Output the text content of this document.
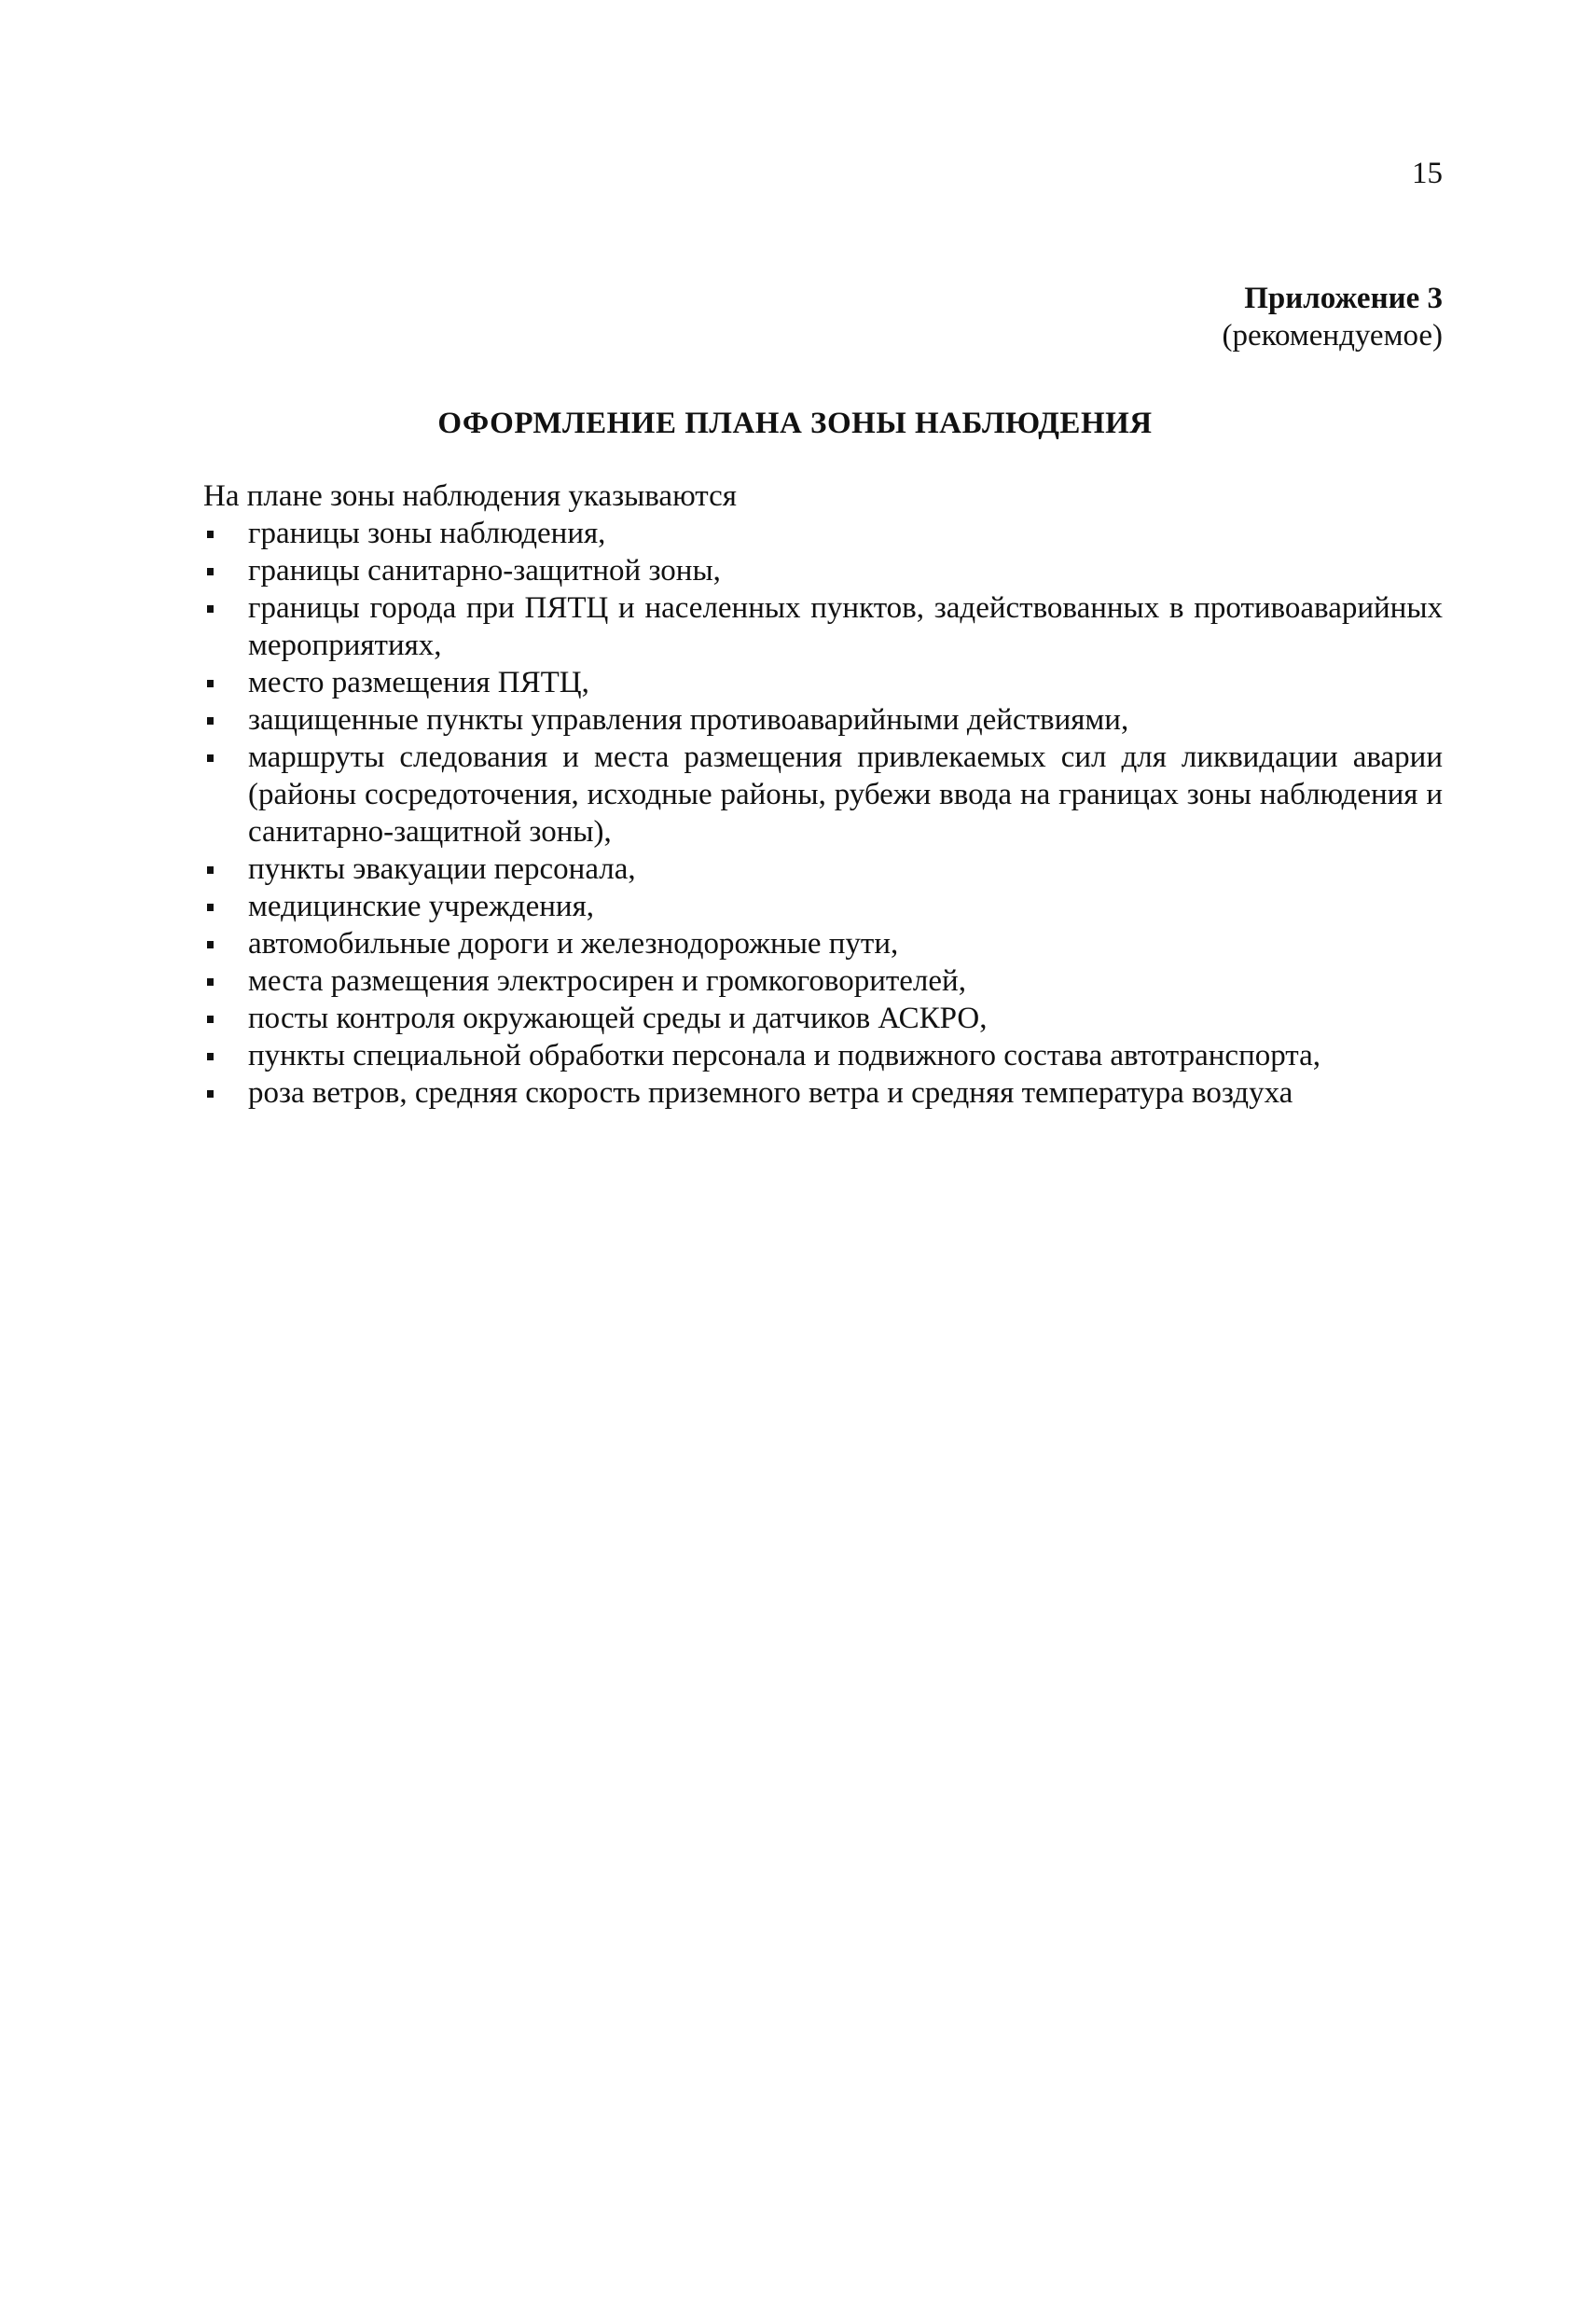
15
Приложение 3
(рекомендуемое)
ОФОРМЛЕНИЕ ПЛАНА ЗОНЫ НАБЛЮДЕНИЯ
На плане зоны наблюдения указываются
границы зоны наблюдения,
границы санитарно-защитной зоны,
границы города при ПЯТЦ и населенных пунктов, задействованных в противоаварийных мероприятиях,
место размещения ПЯТЦ,
защищенные пункты управления противоаварийными действиями,
маршруты следования и места размещения привлекаемых сил для ликвидации аварии (районы сосредоточения, исходные районы, рубежи ввода на границах зоны наблюдения и санитарно-защитной зоны),
пункты эвакуации персонала,
медицинские учреждения,
автомобильные дороги и железнодорожные пути,
места размещения электросирен и громкоговорителей,
посты контроля окружающей среды и датчиков АСКРО,
пункты специальной обработки персонала и подвижного состава автотранспорта,
роза ветров, средняя скорость приземного ветра и средняя температура воздуха
